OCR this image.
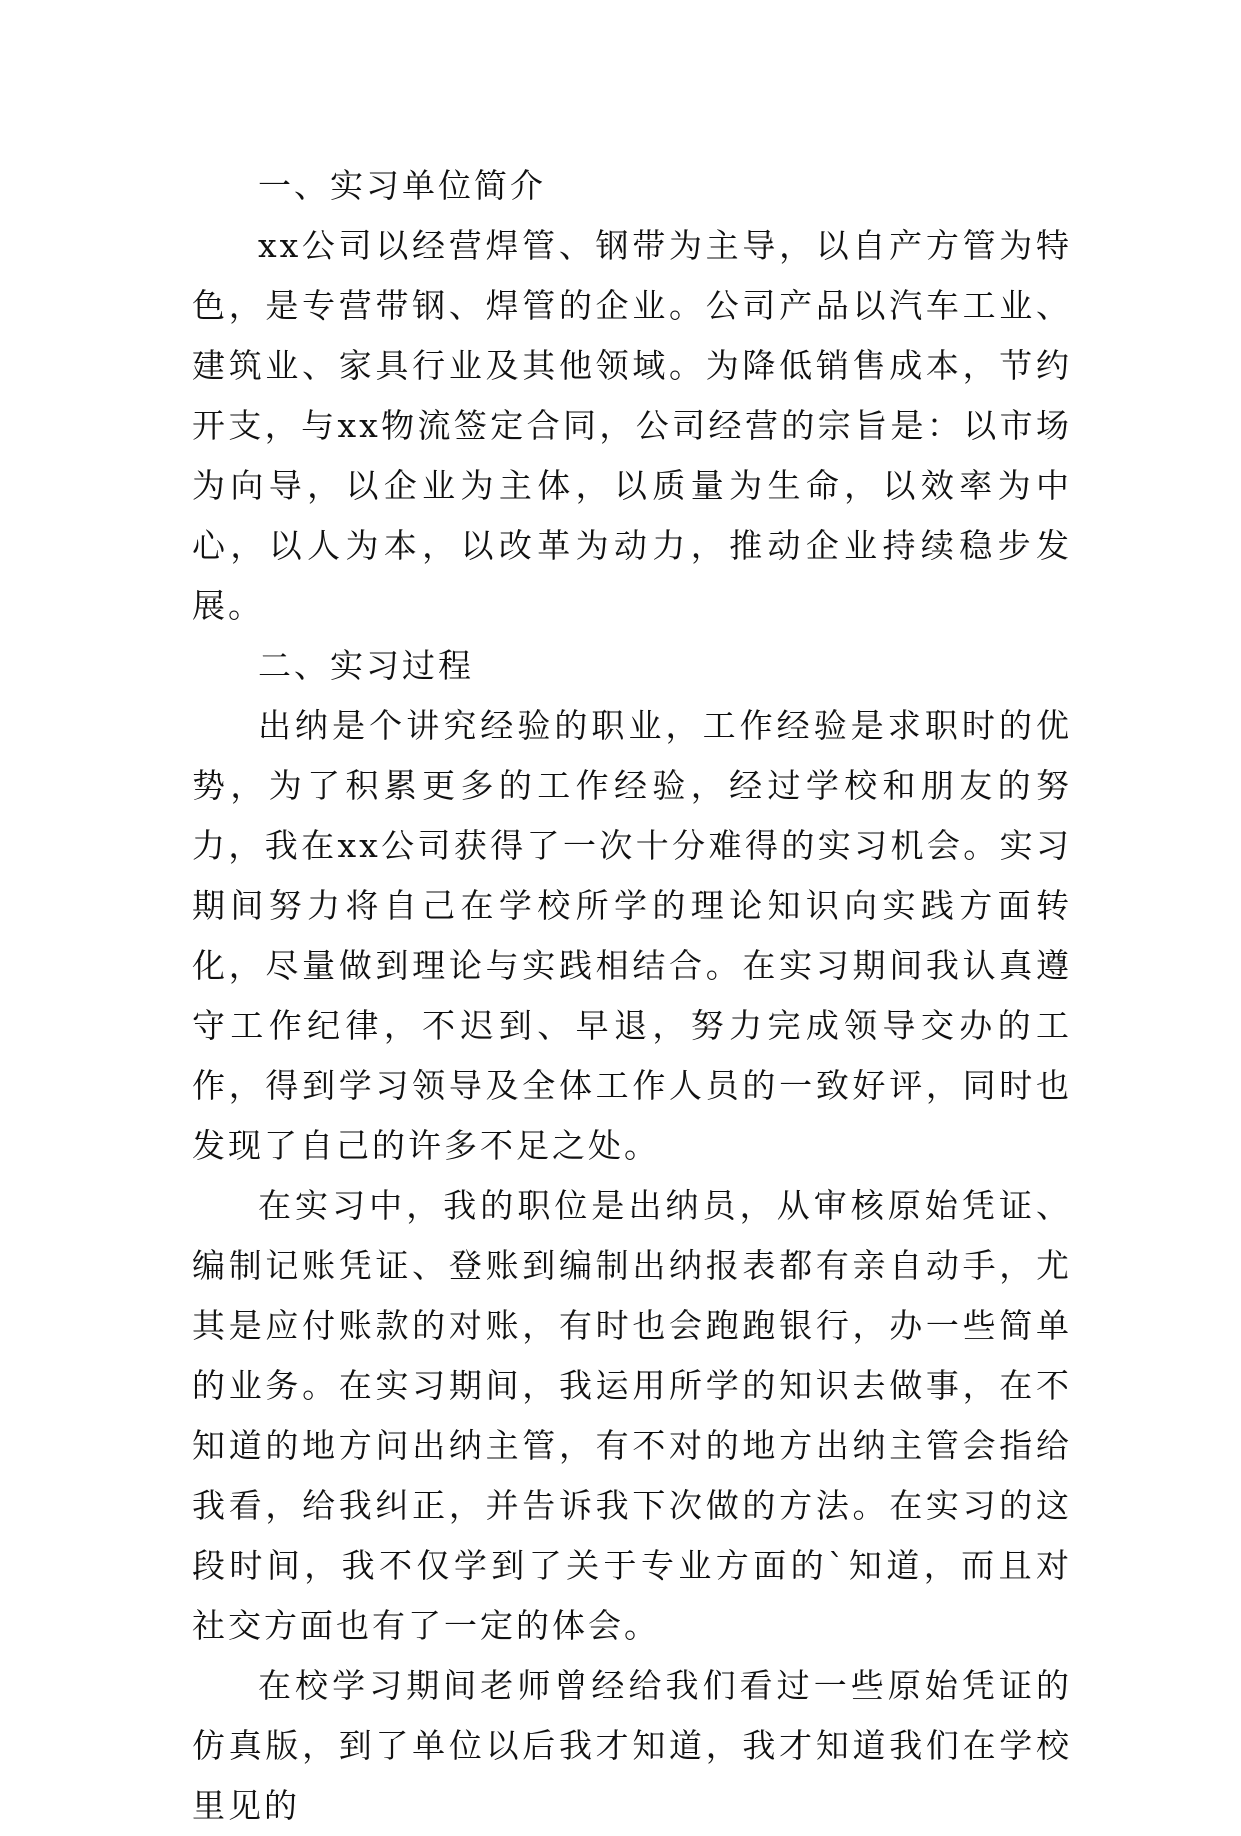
一、实习单位简介

xx公司以经营焊管、钢带为主导，以自产方管为特色，是专营带钢、焊管的企业。公司产品以汽车工业、建筑业、家具行业及其他领域。为降低销售成本，节约开支，与xx物流签定合同，公司经营的宗旨是：以市场为向导，以企业为主体，以质量为生命，以效率为中心，以人为本，以改革为动力，推动企业持续稳步发展。

二、实习过程

出纳是个讲究经验的职业，工作经验是求职时的优势，为了积累更多的工作经验，经过学校和朋友的努力，我在xx公司获得了一次十分难得的实习机会。实习期间努力将自己在学校所学的理论知识向实践方面转化，尽量做到理论与实践相结合。在实习期间我认真遵守工作纪律，不迟到、早退，努力完成领导交办的工作，得到学习领导及全体工作人员的一致好评，同时也发现了自己的许多不足之处。

在实习中，我的职位是出纳员，从审核原始凭证、编制记账凭证、登账到编制出纳报表都有亲自动手，尤其是应付账款的对账，有时也会跑跑银行，办一些简单的业务。在实习期间，我运用所学的知识去做事，在不知道的地方问出纳主管，有不对的地方出纳主管会指给我看，给我纠正，并告诉我下次做的方法。在实习的这段时间，我不仅学到了关于专业方面的`知道，而且对社交方面也有了一定的体会。

在校学习期间老师曾经给我们看过一些原始凭证的仿真版，到了单位以后我才知道，我才知道我们在学校里见的
